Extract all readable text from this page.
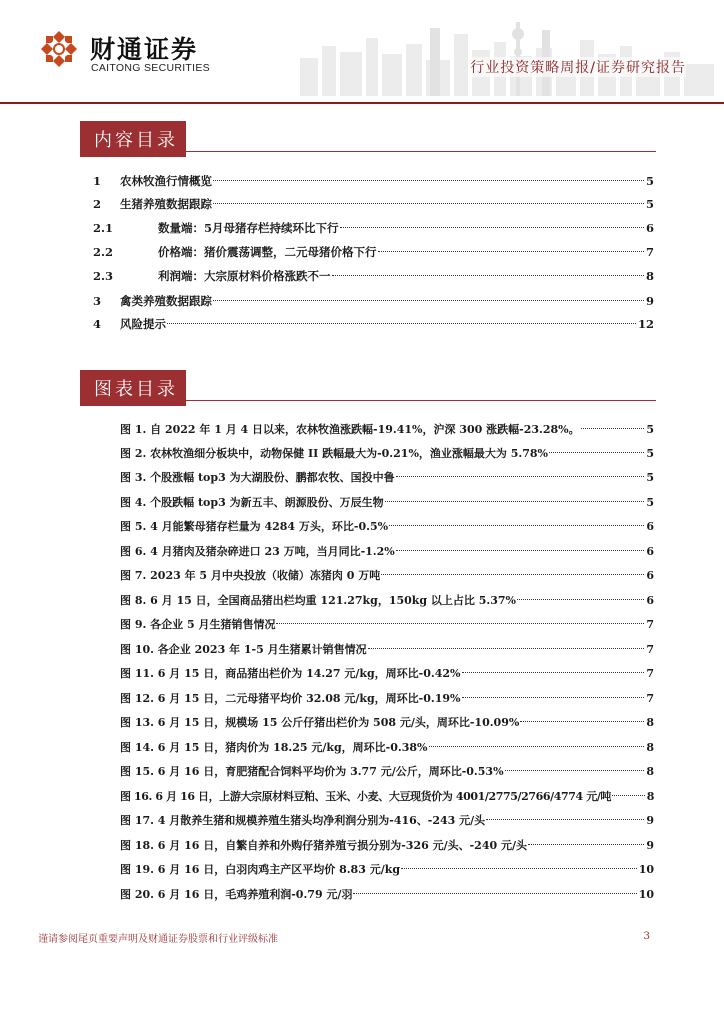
财通证券
CAITONG SECURITIES	行业投资策略周报/证券研究报告
内容目录
1 农林牧渔行情概览	5
2 生猪养殖数据跟踪	5
2.1	数量端：5月母猪存栏持续环比下行	6
2.2	价格端：猪价震荡调整，二元母猪价格下行	7
2.3	利润端：大宗原材料价格涨跌不一	8
3 禽类养殖数据跟踪	9
4 风险提示	12
图表目录
图 1. 自 2022 年 1 月 4 日以来，农林牧渔涨跌幅-19.41%，沪深 300 涨跌幅-23.28%。	5
图 2. 农林牧渔细分板块中，动物保健 II 跌幅最大为-0.21%，渔业涨幅最大为 5.78%	5
图 3. 个股涨幅 top3 为大湖股份、鹏都农牧、国投中鲁	5
图 4. 个股跌幅 top3 为新五丰、朗源股份、万辰生物	5
图 5. 4 月能繁母猪存栏量为 4284 万头，环比-0.5%	6
图 6. 4 月猪肉及猪杂碎进口 23 万吨，当月同比-1.2%	6
图 7. 2023 年 5 月中央投放（收储）冻猪肉 0 万吨	6
图 8. 6 月 15 日，全国商品猪出栏均重 121.27kg，150kg 以上占比 5.37%	6
图 9. 各企业 5 月生猪销售情况	7
图 10. 各企业 2023 年 1-5 月生猪累计销售情况	7
图 11. 6 月 15 日，商品猪出栏价为 14.27 元/kg，周环比-0.42%	7
图 12. 6 月 15 日，二元母猪平均价 32.08 元/kg，周环比-0.19%	7
图 13. 6 月 15 日，规模场 15 公斤仔猪出栏价为 508 元/头，周环比-10.09%	8
图 14. 6 月 15 日，猪肉价为 18.25 元/kg，周环比-0.38%	8
图 15. 6 月 16 日，育肥猪配合饲料平均价为 3.77 元/公斤，周环比-0.53%	8
图 16. 6 月 16 日，上游大宗原材料豆粕、玉米、小麦、大豆现货价为 4001/2775/2766/4774 元/吨	8
图 17. 4 月散养生猪和规模养殖生猪头均净利润分别为-416、-243 元/头	9
图 18. 6 月 16 日，自繁自养和外购仔猪养殖亏损分别为-326 元/头、-240 元/头	9
图 19. 6 月 16 日，白羽肉鸡主产区平均价 8.83 元/kg	10
图 20. 6 月 16 日，毛鸡养殖利润-0.79 元/羽	10
谨请参阅尾页重要声明及财通证券股票和行业评级标准	3
